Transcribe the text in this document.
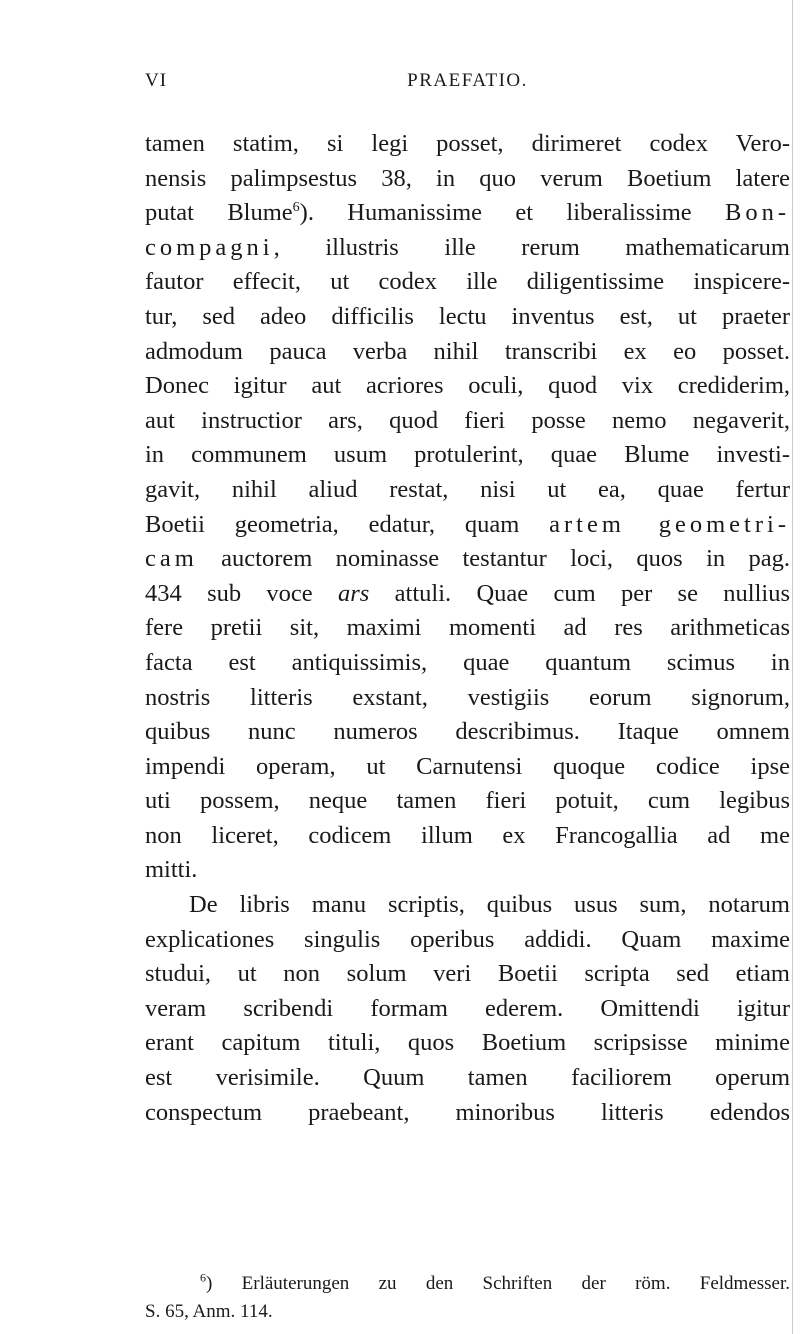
VI	PRAEFATIO.
tamen statim, si legi posset, dirimeret codex Vero-
nensis palimpsestus 38, in quo verum Boetium latere
putat Blume$^6$). Humanissime et liberalissime Bon-
compagni, illustris ille rerum mathematicarum
fautor effecit, ut codex ille diligentissime inspicere-
tur, sed adeo difficilis lectu inventus est, ut praeter
admodum pauca verba nihil transcribi ex eo posset.
Donec igitur aut acriores oculi, quod vix crediderim,
aut instructior ars, quod fieri posse nemo negaverit,
in communem usum protulerint, quae Blume investi-
gavit, nihil aliud restat, nisi ut ea, quae fertur
Boetii geometria, edatur, quam artem geometri-
cam auctorem nominasse testantur loci, quos in pag.
434 sub voce ars attuli. Quae cum per se nullius
fere pretii sit, maximi momenti ad res arithmeticas
facta est antiquissimis, quae quantum scimus in
nostris litteris exstant, vestigiis eorum signorum,
quibus nunc numeros describimus. Itaque omnem
impendi operam, ut Carnutensi quoque codice ipse
uti possem, neque tamen fieri potuit, cum legibus
non liceret, codicem illum ex Francogallia ad me
mitti.
De libris manu scriptis, quibus usus sum, notarum
explicationes singulis operibus addidi. Quam maxime
studui, ut non solum veri Boetii scripta sed etiam
veram scribendi formam ederem. Omittendi igitur
erant capitum tituli, quos Boetium scripsisse minime
est verisimile. Quum tamen faciliorem operum
conspectum praebeant, minoribus litteris edendos
$^6$) Erläuterungen zu den Schriften der röm. Feldmesser.
S. 65, Anm. 114.
